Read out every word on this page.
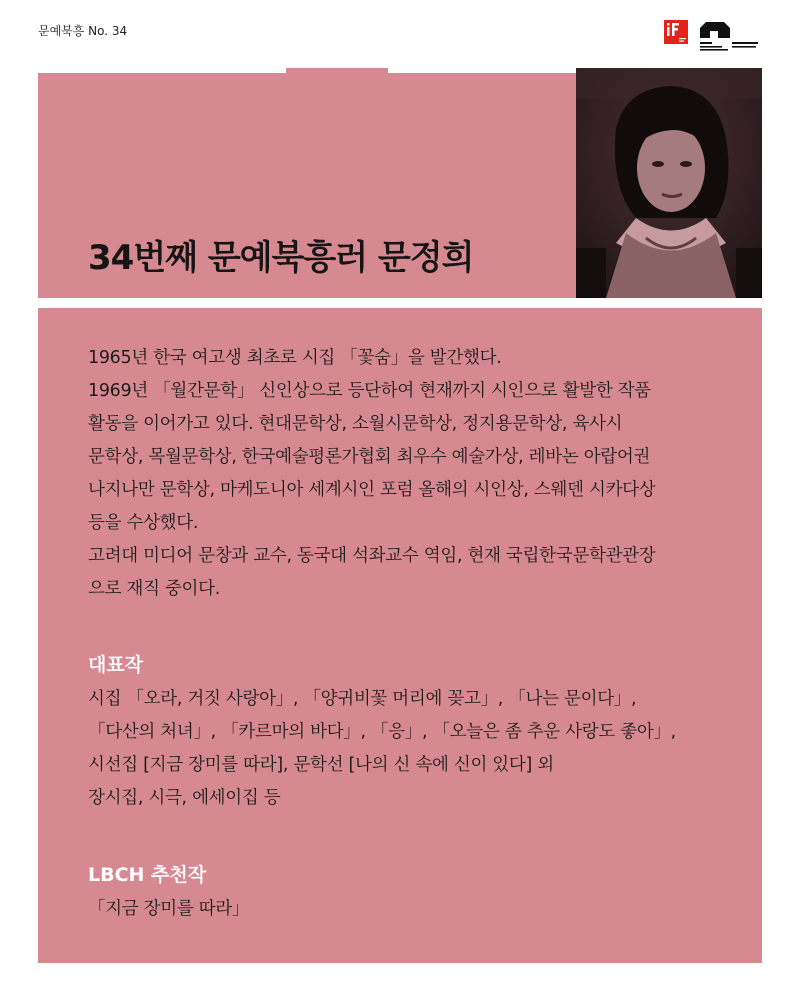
문예북흥 No. 34
34번째 문예북흥러 문정희

1965년 한국 여고생 최초로 시집 「꽃숨」을 발간했다.

1969년 「월간문학」 신인상으로 등단하여 현재까지 시인으로 활발한 작품

활동을 이어가고 있다. 현대문학상, 소월시문학상, 정지용문학상, 육사시

문학상, 목월문학상, 한국예술평론가협회 최우수 예술가상, 레바논 아랍어권

나지나만 문학상, 마케도니아 세계시인 포럼 올해의 시인상, 스웨덴 시카다상

등을 수상했다.

고려대 미디어 문창과 교수, 동국대 석좌교수 역임, 현재 국립한국문학관관장

으로 재직 중이다.

대표작

시집 「오라, 거짓 사랑아」, 「양귀비꽃 머리에 꽂고」, 「나는 문이다」,

「다산의 처녀」, 「카르마의 바다」, 「응」, 「오늘은 좀 추운 사랑도 좋아」,

시선집 [지금 장미를 따라], 문학선 [나의 신 속에 신이 있다] 외

장시집, 시극, 에세이집 등

LBCH 추천작

「지금 장미를 따라」
